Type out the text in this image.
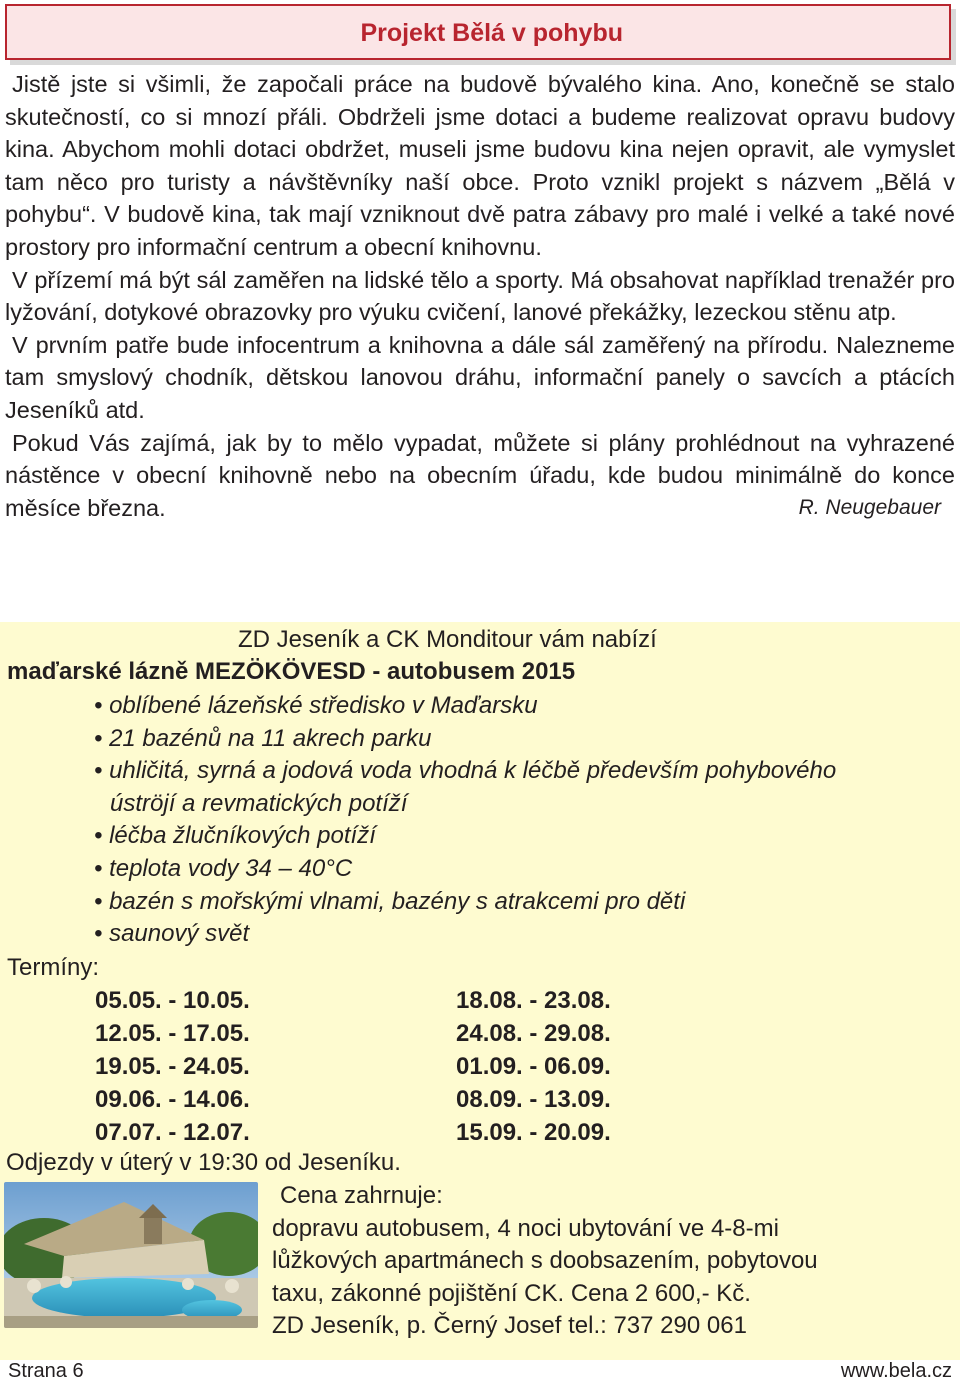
Projekt Bělá v pohybu

Jistě jste si všimli, že započali práce na budově bývalého kina. Ano, konečně se stalo skutečností, co si mnozí přáli. Obdrželi jsme dotaci a budeme realizovat opravu budovy kina. Abychom mohli dotaci obdržet, museli jsme budovu kina nejen opravit, ale vymyslet tam něco pro turisty a návštěvníky naší obce. Proto vznikl projekt s názvem „Bělá v pohybu“. V budově kina, tak mají vzniknout dvě patra zábavy pro malé i velké a také nové prostory pro informační centrum a obecní knihovnu.

V přízemí má být sál zaměřen na lidské tělo a sporty. Má obsahovat například trenažér pro lyžování, dotykové obrazovky pro výuku cvičení, lanové překážky, lezeckou stěnu atp.

V prvním patře bude infocentrum a knihovna a dále sál zaměřený na přírodu. Nalezneme tam smyslový chodník, dětskou lanovou dráhu, informační panely o savcích a ptácích Jeseníků atd.

Pokud Vás zajímá, jak by to mělo vypadat, můžete si plány prohlédnout na vyhrazené nástěnce v obecní knihovně nebo na obecním úřadu, kde budou minimálně do konce měsíce března.	R. Neugebauer

ZD Jeseník a CK Monditour vám nabízí
maďarské lázně MEZÖKÖVESD - autobusem 2015
• oblíbené lázeňské středisko v Maďarsku
• 21 bazénů na 11 akrech parku
• uhličitá, syrná a jodová voda vhodná k léčbě především pohybového
úströjí a revmatických potíží
• léčba žlučníkových potíží
• teplota vody 34 – 40°C
• bazén s mořskými vlnami, bazény s atrakcemi pro děti
• saunový svět
Termíny:
05.05. - 10.05.
12.05. - 17.05.
19.05. - 24.05.
09.06. - 14.06.
07.07. - 12.07.
18.08. - 23.08.
24.08. - 29.08.
01.09. - 06.09.
08.09. - 13.09.
15.09. - 20.09.
Odjezdy v úterý v 19:30 od Jeseníku.
Cena zahrnuje:
dopravu autobusem, 4 noci ubytování ve 4-8-mi
lůžkových apartmánech s doobsazením, pobytovou
taxu, zákonné pojištění CK. Cena 2 600,- Kč.
ZD Jeseník, p. Černý Josef tel.: 737 290 061
Strana 6	www.bela.cz
